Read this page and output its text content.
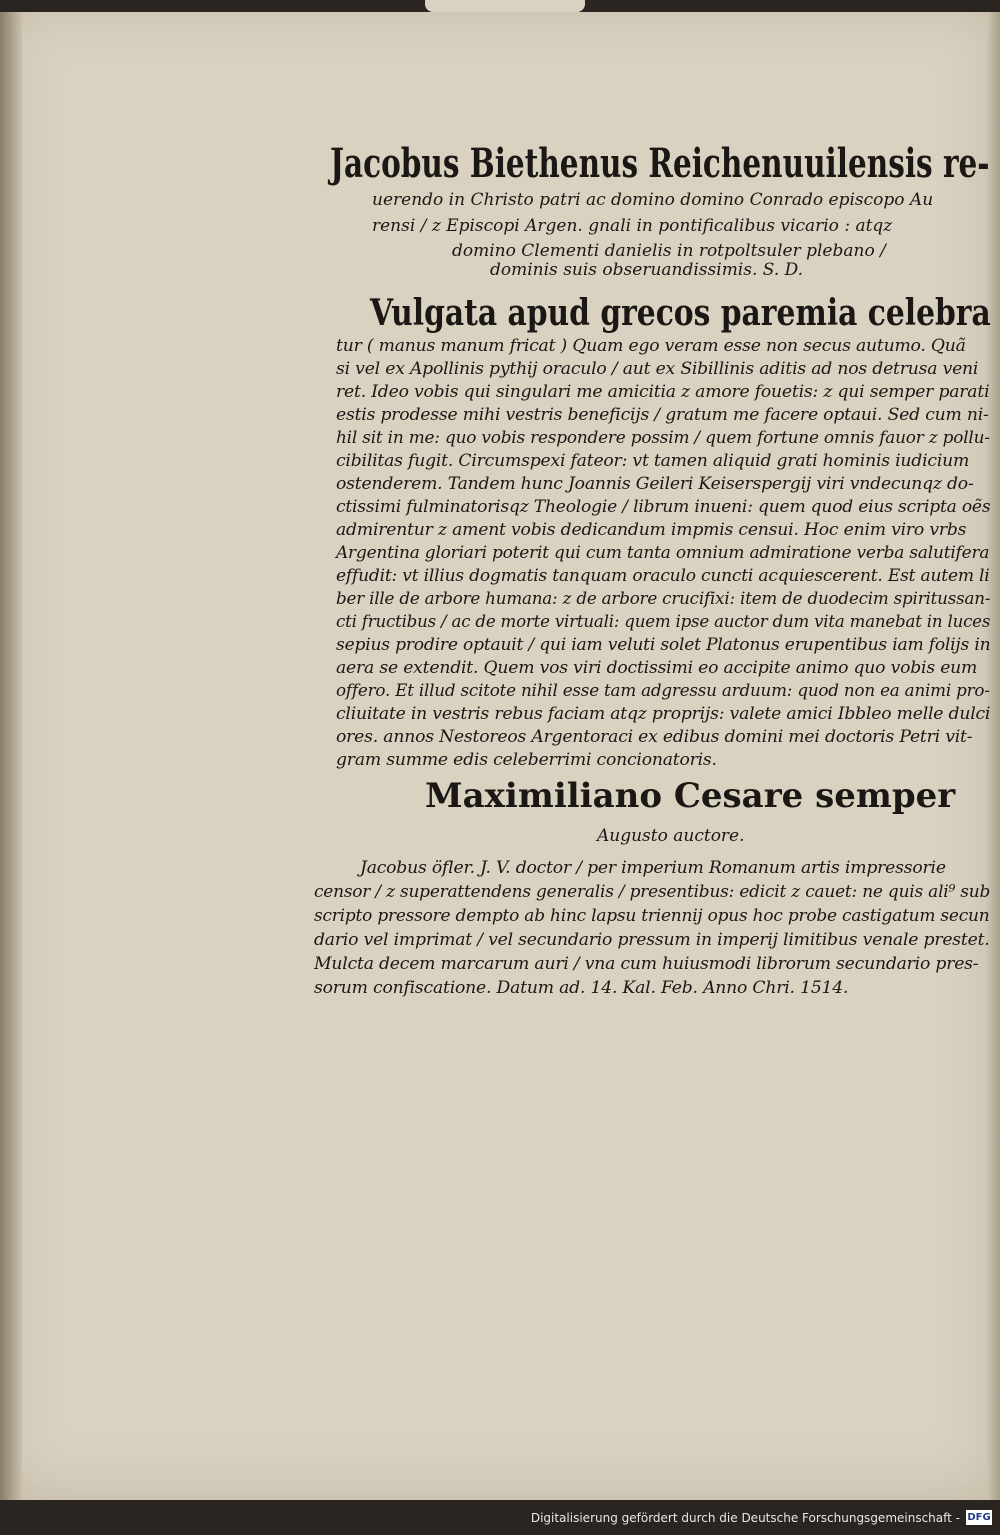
Jacobus Biethenus Reichenuuilensis re-
uerendo in Christo patri ac domino domino Conrado episcopo Au
rensi / z Episcopi Argen. gnali in pontificalibus vicario : atqz
domino Clementi danielis in rotpoltsuler plebano /
dominis suis obseruandissimis. S. D.
Vulgata apud grecos paremia celebra
tur ( manus manum fricat ) Quam ego veram esse non secus autumo. Quã
si vel ex Apollinis pythij oraculo / aut ex Sibillinis aditis ad nos detrusa veni
ret. Ideo vobis qui singulari me amicitia z amore fouetis: z qui semper parati
estis prodesse mihi vestris beneficijs / gratum me facere optaui. Sed cum ni-
hil sit in me: quo vobis respondere possim / quem fortune omnis fauor z pollu-
cibilitas fugit. Circumspexi fateor: vt tamen aliquid grati hominis iudicium
ostenderem. Tandem hunc Joannis Geileri Keiserspergij viri vndecunqz do-
ctissimi fulminatorisqz Theologie / librum inueni: quem quod eius scripta oẽs
admirentur z ament vobis dedicandum impmis censui. Hoc enim viro vrbs
Argentina gloriari poterit qui cum tanta omnium admiratione verba salutifera
effudit: vt illius dogmatis tanquam oraculo cuncti acquiescerent. Est autem li
ber ille de arbore humana: z de arbore crucifixi: item de duodecim spiritussan-
cti fructibus / ac de morte virtuali: quem ipse auctor dum vita manebat in luces
sepius prodire optauit / qui iam veluti solet Platonus erupentibus iam folijs in
aera se extendit. Quem vos viri doctissimi eo accipite animo quo vobis eum
offero. Et illud scitote nihil esse tam adgressu arduum: quod non ea animi pro-
cliuitate in vestris rebus faciam atqz proprijs: valete amici Ibbleo melle dulci
ores. annos Nestoreos Argentoraci ex edibus domini mei doctoris Petri vit-
gram summe edis celeberrimi concionatoris.
Maximiliano Cesare semper
Augusto auctore.
Jacobus öfler. J. V. doctor / per imperium Romanum artis impressorie
censor / z superattendens generalis / presentibus: edicit z cauet: ne quis ali⁹ sub
scripto pressore dempto ab hinc lapsu triennij opus hoc probe castigatum secun
dario vel imprimat / vel secundario pressum in imperij limitibus venale prestet.
Mulcta decem marcarum auri / vna cum huiusmodi librorum secundario pres-
sorum confiscatione. Datum ad. 14. Kal. Feb. Anno Chri. 1514.
Digitalisierung gefördert durch die Deutsche Forschungsgemeinschaft - DFG
